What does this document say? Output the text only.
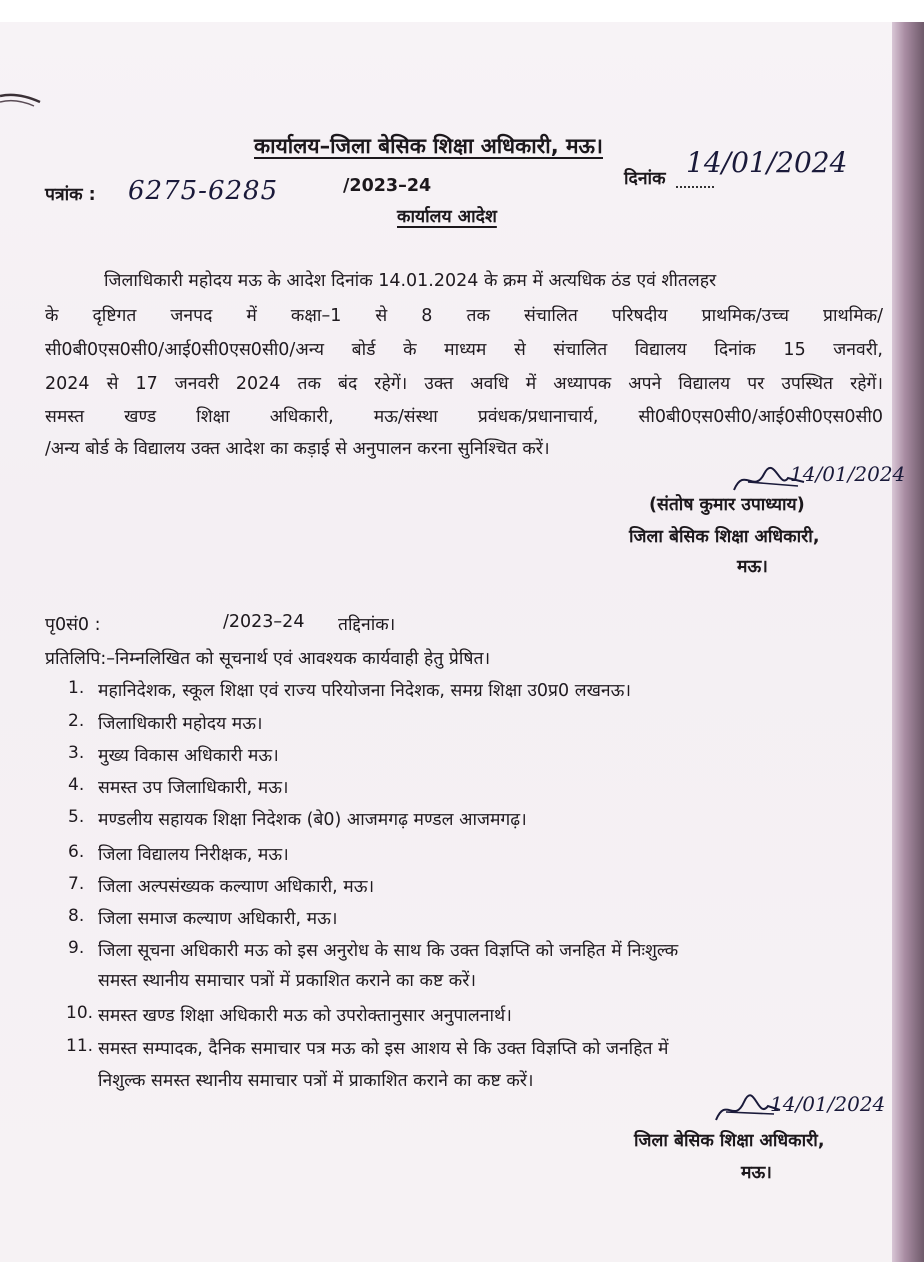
कार्यालय–जिला बेसिक शिक्षा अधिकारी, मऊ।
पत्रांक : 6275-6285	/2023–24	दिनांक 14/01/2024
कार्यालय आदेश
जिलाधिकारी महोदय मऊ के आदेश दिनांक 14.01.2024 के क्रम में अत्यधिक ठंड एवं शीतलहर
के दृष्टिगत जनपद में कक्षा–1 से 8 तक संचालित परिषदीय प्राथमिक/उच्च प्राथमिक/
सी0बी0एस0सी0/आई0सी0एस0सी0/अन्य बोर्ड के माध्यम से संचालित विद्यालय दिनांक 15 जनवरी,
2024 से 17 जनवरी 2024 तक बंद रहेगें। उक्त अवधि में अध्यापक अपने विद्यालय पर उपस्थित रहेगें।
समस्त खण्ड शिक्षा अधिकारी, मऊ/संस्था प्रवंधक/प्रधानाचार्य, सी0बी0एस0सी0/आई0सी0एस0सी0
/अन्य बोर्ड के विद्यालय उक्त आदेश का कड़ाई से अनुपालन करना सुनिश्चित करें।
14/01/2024
(संतोष कुमार उपाध्याय)
जिला बेसिक शिक्षा अधिकारी,
मऊ।
पृ0सं0 :	/2023–24 तद्दिनांक।
प्रतिलिपि:–निम्नलिखित को सूचनार्थ एवं आवश्यक कार्यवाही हेतु प्रेषित।
1. महानिदेशक, स्कूल शिक्षा एवं राज्य परियोजना निदेशक, समग्र शिक्षा उ0प्र0 लखनऊ।
2. जिलाधिकारी महोदय मऊ।
3. मुख्य विकास अधिकारी मऊ।
4. समस्त उप जिलाधिकारी, मऊ।
5. मण्डलीय सहायक शिक्षा निदेशक (बे0) आजमगढ़ मण्डल आजमगढ़।
6. जिला विद्यालय निरीक्षक, मऊ।
7. जिला अल्पसंख्यक कल्याण अधिकारी, मऊ।
8. जिला समाज कल्याण अधिकारी, मऊ।
9. जिला सूचना अधिकारी मऊ को इस अनुरोध के साथ कि उक्त विज्ञप्ति को जनहित में निःशुल्क
समस्त स्थानीय समाचार पत्रों में प्रकाशित कराने का कष्ट करें।
10. समस्त खण्ड शिक्षा अधिकारी मऊ को उपरोक्तानुसार अनुपालनार्थ।
11. समस्त सम्पादक, दैनिक समाचार पत्र मऊ को इस आशय से कि उक्त विज्ञप्ति को जनहित में
निशुल्क समस्त स्थानीय समाचार पत्रों में प्राकाशित कराने का कष्ट करें।
14/01/2024
जिला बेसिक शिक्षा अधिकारी,
मऊ।
